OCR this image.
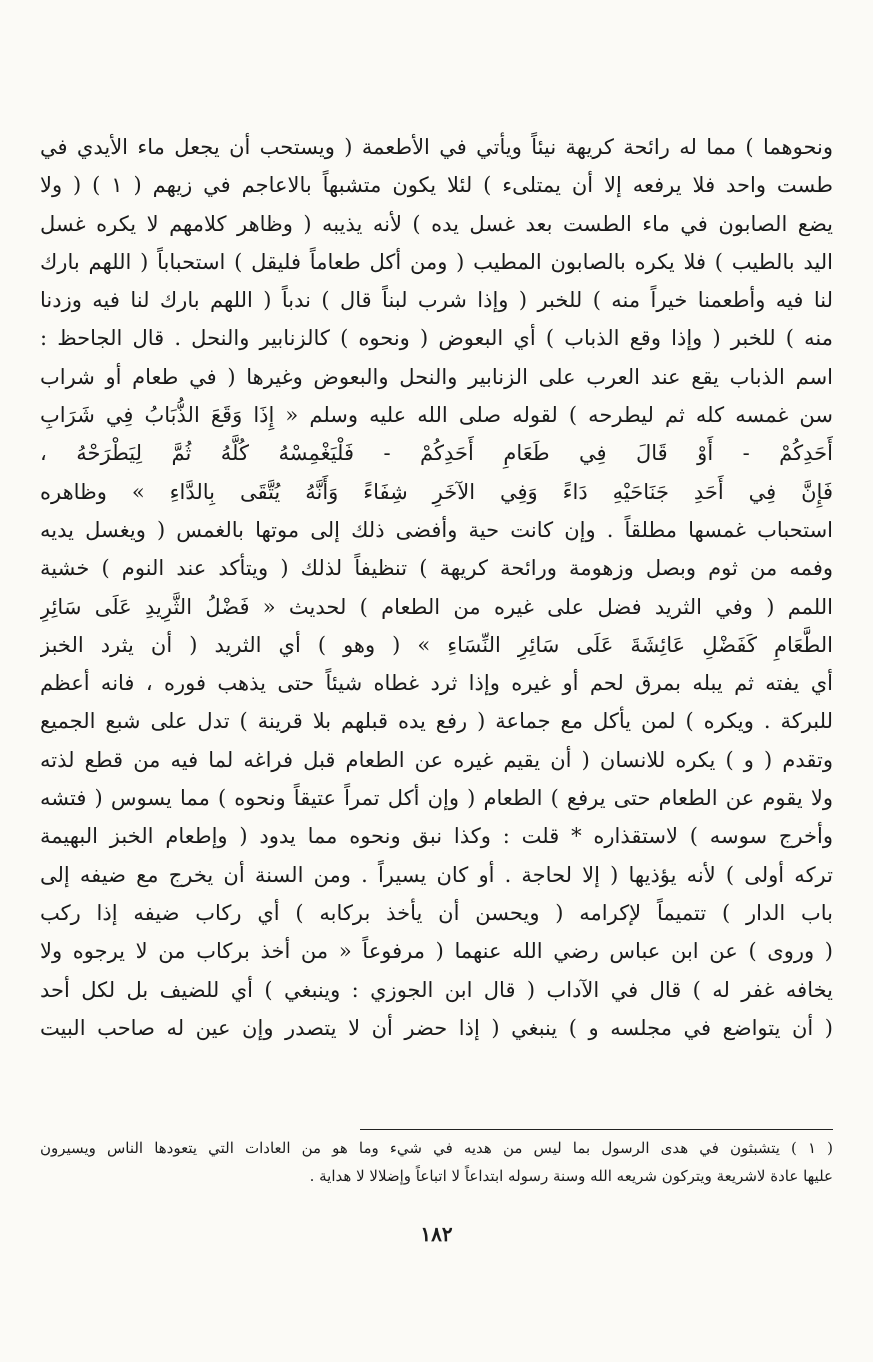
ونحوهما ) مما له رائحة كريهة نيئاً ويأتي في الأطعمة ( ويستحب أن يجعل ماء الأيدي في
طست واحد فلا يرفعه إلا أن يمتلىء ) لئلا يكون متشبهاً بالاعاجم في زيهم ( ١ ) ( ولا
يضع الصابون في ماء الطست بعد غسل يده ) لأنه يذيبه ( وظاهر كلامهم لا يكره غسل
اليد بالطيب ) فلا يكره بالصابون المطيب ( ومن أكل طعاماً فليقل ) استحباباً ( اللهم بارك
لنا فيه وأطعمنا خيراً منه ) للخبر ( وإذا شرب لبناً قال ) ندباً ( اللهم بارك لنا فيه وزدنا
منه ) للخبر ( وإذا وقع الذباب ) أي البعوض ( ونحوه ) كالزنابير والنحل . قال الجاحظ :
اسم الذباب يقع عند العرب على الزنابير والنحل والبعوض وغيرها ( في طعام أو شراب
سن غمسه كله ثم ليطرحه ) لقوله صلى الله عليه وسلم « إِذَا وَقَعَ الذُّبَابُ فِي شَرَابِ
أَحَدِكُمْ - أَوْ قَالَ فِي طَعَامِ أَحَدِكُمْ - فَلْيَغْمِسْهُ كُلَّهُ ثُمَّ لِيَطْرَحْهُ ،
فَإِنَّ فِي أَحَدِ جَنَاحَيْهِ دَاءً وَفِي الآخَرِ شِفَاءً وَأَنَّهُ يُتَّقَى بِالدَّاءِ » وظاهره
استحباب غمسها مطلقاً . وإن كانت حية وأفضى ذلك إلى موتها بالغمس ( ويغسل يديه
وفمه من ثوم وبصل وزهومة ورائحة كريهة ) تنظيفاً لذلك ( ويتأكد عند النوم ) خشية
اللمم ( وفي الثريد فضل على غيره من الطعام ) لحديث « فَضْلُ الثَّرِيدِ عَلَى سَائِرِ
الطَّعَامِ كَفَضْلِ عَائِشَةَ عَلَى سَائِرِ النِّسَاءِ » ( وهو ) أي الثريد ( أن يثرد الخبز
أي يفته ثم يبله بمرق لحم أو غيره وإذا ثرد غطاه شيئاً حتى يذهب فوره ، فانه أعظم
للبركة . ويكره ) لمن يأكل مع جماعة ( رفع يده قبلهم بلا قرينة ) تدل على شبع الجميع
وتقدم ( و ) يكره للانسان ( أن يقيم غيره عن الطعام قبل فراغه لما فيه من قطع لذته
ولا يقوم عن الطعام حتى يرفع ) الطعام ( وإن أكل تمراً عتيقاً ونحوه ) مما يسوس ( فتشه
وأخرج سوسه ) لاستقذاره * قلت : وكذا نبق ونحوه مما يدود ( وإطعام الخبز البهيمة
تركه أولى ) لأنه يؤذيها ( إلا لحاجة . أو كان يسيراً . ومن السنة أن يخرج مع ضيفه إلى
باب الدار ) تتميماً لإكرامه ( ويحسن أن يأخذ بركابه ) أي ركاب ضيفه إذا ركب
( وروى ) عن ابن عباس رضي الله عنهما ( مرفوعاً « من أخذ بركاب من لا يرجوه ولا
يخافه غفر له ) قال في الآداب ( قال ابن الجوزي : وينبغي ) أي للضيف بل لكل أحد
( أن يتواضع في مجلسه و ) ينبغي ( إذا حضر أن لا يتصدر وإن عين له صاحب البيت
( ١ ) يتشبثون في هدى الرسول بما ليس من هديه في شيء وما هو من العادات التي يتعودها الناس ويسيرون
عليها عادة لاشريعة ويتركون شريعه الله وسنة رسوله ابتداعاً لا اتباعاً وإضلالا لا هداية .
١٨٢
